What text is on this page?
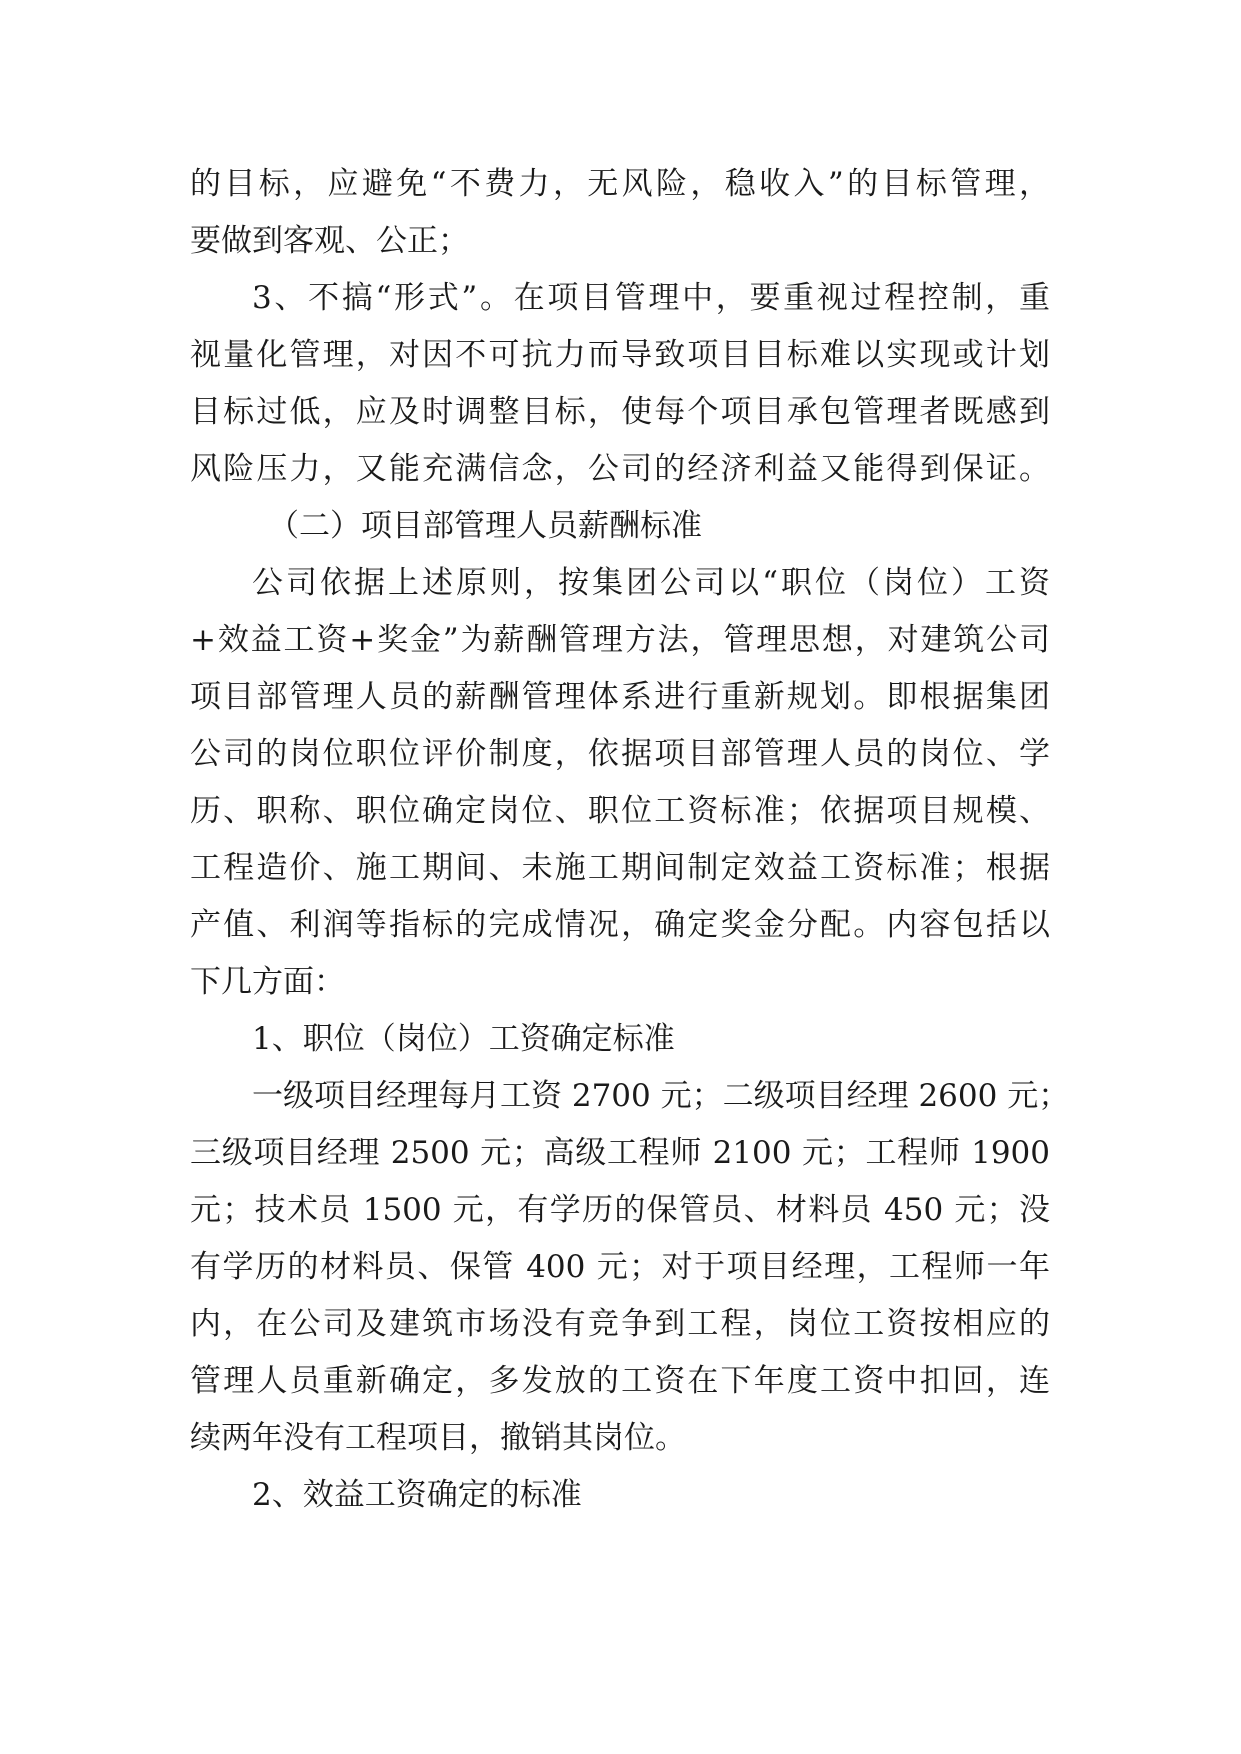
的目标，应避免“不费力，无风险，稳收入”的目标管理，
要做到客观、公正；
3、不搞“形式”。在项目管理中，要重视过程控制，重
视量化管理，对因不可抗力而导致项目目标难以实现或计划
目标过低，应及时调整目标，使每个项目承包管理者既感到
风险压力，又能充满信念，公司的经济利益又能得到保证。
（二）项目部管理人员薪酬标准
公司依据上述原则，按集团公司以“职位（岗位）工资
+效益工资+奖金”为薪酬管理方法，管理思想，对建筑公司
项目部管理人员的薪酬管理体系进行重新规划。即根据集团
公司的岗位职位评价制度，依据项目部管理人员的岗位、学
历、职称、职位确定岗位、职位工资标准；依据项目规模、
工程造价、施工期间、未施工期间制定效益工资标准；根据
产值、利润等指标的完成情况，确定奖金分配。内容包括以
下几方面：
1、职位（岗位）工资确定标准
一级项目经理每月工资 2700 元；二级项目经理 2600 元；
三级项目经理 2500 元；高级工程师 2100 元；工程师 1900
元；技术员 1500 元，有学历的保管员、材料员 450 元；没
有学历的材料员、保管 400 元；对于项目经理，工程师一年
内，在公司及建筑市场没有竞争到工程，岗位工资按相应的
管理人员重新确定，多发放的工资在下年度工资中扣回，连
续两年没有工程项目，撤销其岗位。
2、效益工资确定的标准
